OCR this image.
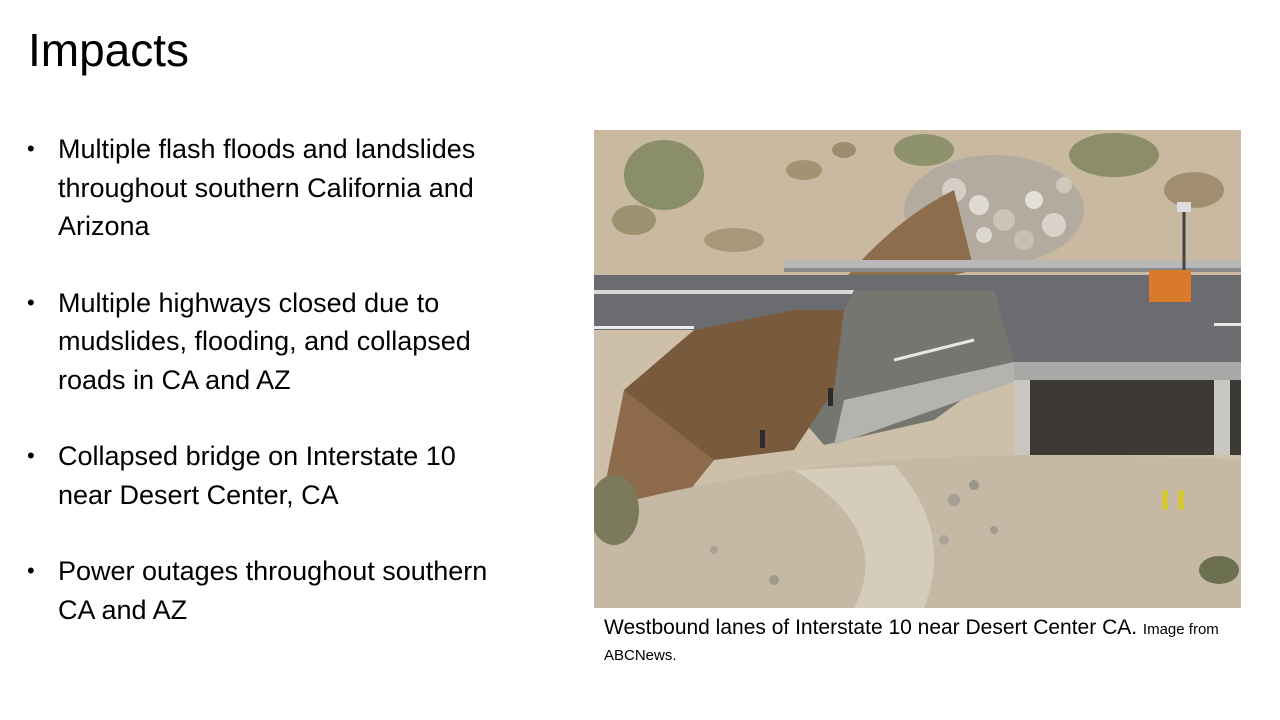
Impacts
• Multiple flash floods and landslides throughout southern California and Arizona
• Multiple highways closed due to mudslides, flooding, and collapsed roads in CA and AZ
• Collapsed bridge on Interstate 10 near Desert Center, CA
• Power outages throughout southern CA and AZ
Westbound lanes of Interstate 10 near Desert Center CA. Image from ABCNews.
